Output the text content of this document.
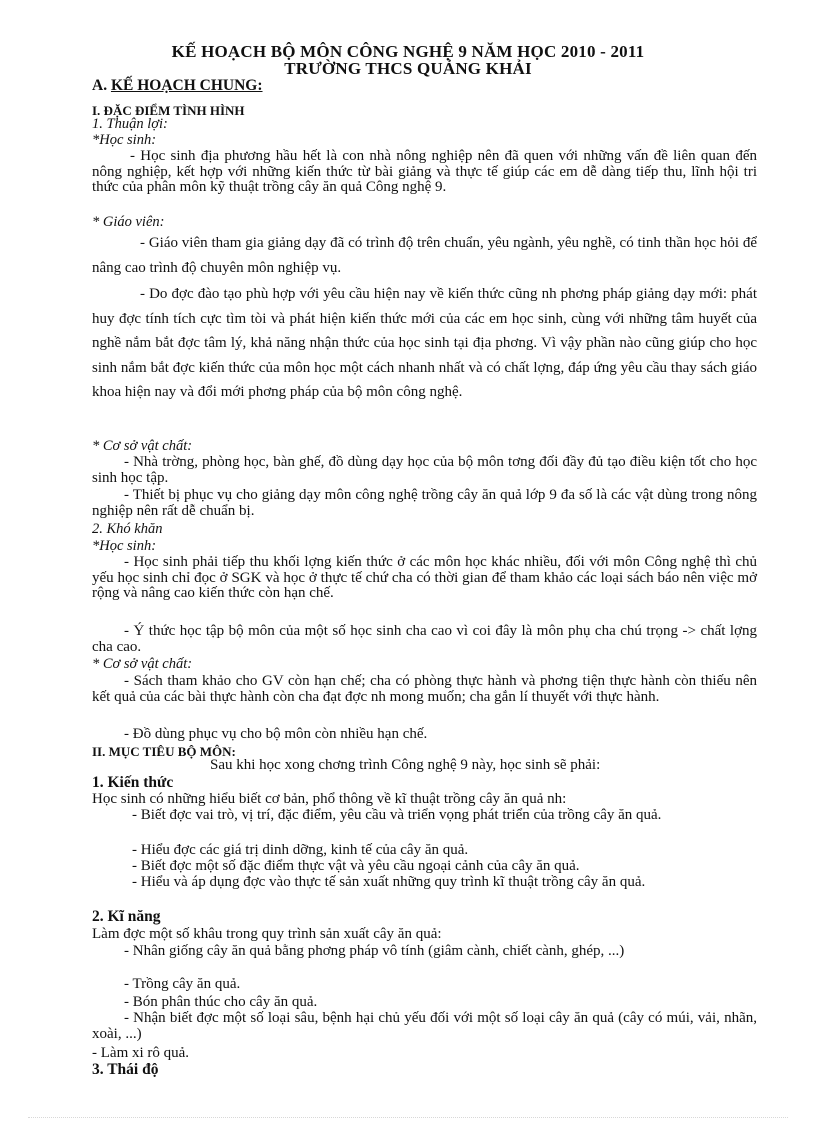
KẾ HOẠCH BỘ MÔN CÔNG NGHỆ 9 NĂM HỌC 2010 - 2011
TRƯỜNG THCS QUẢNG KHẢI
A. KẾ HOẠCH CHUNG:
I. ĐẶC ĐIỂM TÌNH HÌNH
1. Thuận lợi:
*Học sinh:
- Học sinh địa phương hầu hết là con nhà nông nghiệp nên đã quen với những vấn đề liên quan đến nông nghiệp, kết hợp với những kiến thức từ bài giảng và thực tế giúp các em dễ dàng tiếp thu, lĩnh hội tri thức của phân môn kỹ thuật trồng cây ăn quả Công nghệ 9.
* Giáo viên:
- Giáo viên tham gia giảng dạy đã có trình độ trên chuẩn, yêu ngành, yêu nghề, có tinh thần học hỏi để nâng cao trình độ chuyên môn nghiệp vụ.
- Do đợc đào tạo phù hợp với yêu cầu hiện nay về kiến thức cũng nh phơng pháp giảng dạy mới: phát huy đợc tính tích cực tìm tòi và phát hiện kiến thức mới của các em học sinh, cùng với những tâm huyết của nghề nắm bắt đợc tâm lý, khả năng nhận thức của học sinh tại địa phơng. Vì vậy phần nào cũng giúp cho học sinh nắm bắt đợc kiến thức của môn học một cách nhanh nhất và có chất lợng, đáp ứng yêu cầu thay sách giáo khoa hiện nay và đổi mới phơng pháp của bộ môn công nghệ.
* Cơ sở vật chất:
- Nhà trờng, phòng học, bàn ghế, đồ dùng dạy học của bộ môn tơng đối đầy đủ tạo điều kiện tốt cho học sinh học tập.
- Thiết bị phục vụ cho giảng dạy môn công nghệ trồng cây ăn quả lớp 9 đa số là các vật dùng trong nông nghiệp nên rất dễ chuẩn bị.
2. Khó khăn
*Học sinh:
- Học sinh phải tiếp thu khối lợng kiến thức ở các môn học khác nhiều, đối với môn Công nghệ thì chủ yếu học sinh chỉ đọc ở SGK và học ở thực tế chứ cha có thời gian để tham khảo các loại sách báo nên việc mở rộng và nâng cao kiến thức còn hạn chế.
- Ý thức học tập bộ môn của một số học sinh cha cao vì coi đây là môn phụ cha chú trọng -> chất lợng cha cao.
* Cơ sở vật chất:
- Sách tham khảo cho GV còn hạn chế; cha có phòng thực hành và phơng tiện thực hành còn thiếu nên kết quả của các bài thực hành còn cha đạt đợc nh mong muốn; cha gắn lí thuyết với thực hành.
- Đồ dùng phục vụ cho bộ môn còn nhiều hạn chế.
II. MỤC TIÊU BỘ MÔN:
Sau khi học xong chơng trình Công nghệ 9 này, học sinh sẽ phải:
1. Kiến thức
Học sinh có những hiểu biết cơ bản, phổ thông về kĩ thuật trồng cây ăn quả nh:
- Biết đợc vai trò, vị trí, đặc điểm, yêu cầu và triển vọng phát triển của trồng cây ăn quả.
- Hiểu đợc các giá trị dinh dỡng, kinh tế của cây ăn quả.
- Biết đợc một số đặc điểm thực vật và yêu cầu ngoại cảnh của cây ăn quả.
- Hiểu và áp dụng đợc vào thực tế sản xuất những quy trình kĩ thuật trồng cây ăn quả.
2. Kĩ năng
Làm đợc một số khâu trong quy trình sản xuất cây ăn quả:
- Nhân giống cây ăn quả bằng phơng pháp vô tính (giâm cành, chiết cành, ghép, ...)
- Trồng cây ăn quả.
- Bón phân thúc cho cây ăn quả.
- Nhận biết đợc một số loại sâu, bệnh hại chủ yếu đối với một số loại cây ăn quả (cây có múi, vải, nhãn, xoài, ...)
- Làm xi rô quả.
3. Thái độ
